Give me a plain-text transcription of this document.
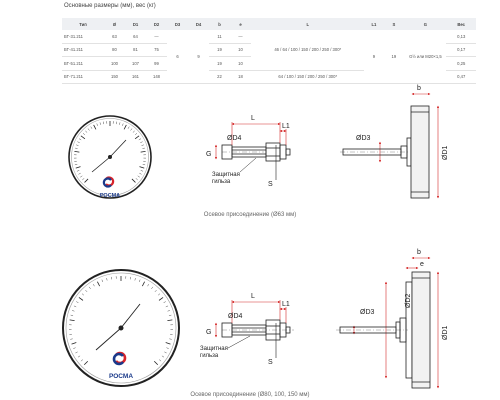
Основные размеры (мм), вес (кг)
Тип	Ø	D1	D2	D3	D4	b	e	L	L1	S	G	Вес
БТ-31.211	63	64	—	6	9	11	—	46 / 64 / 100 / 150 / 200 / 250 / 300*	9	19	G½ или M20×1,5	0,13
БТ-41.211	80	81	75			19	10					0,17
БТ-51.211	100	107	99			19	10					0,25
БТ-71.211	150	161	148			22	18	64 / 100 / 150 / 200 / 250 / 300*				0,47
РОСМА
L
L1
ØD4
G
S
Защитная
гильза
ØD3
ØD1
b
Осевое присоединение (Ø63 мм)
РОСМА
L
L1
ØD4
G
S
Защитная
гильза
ØD3
ØD2
ØD1
b
e
Осевое присоединение (Ø80, 100, 150 мм)
